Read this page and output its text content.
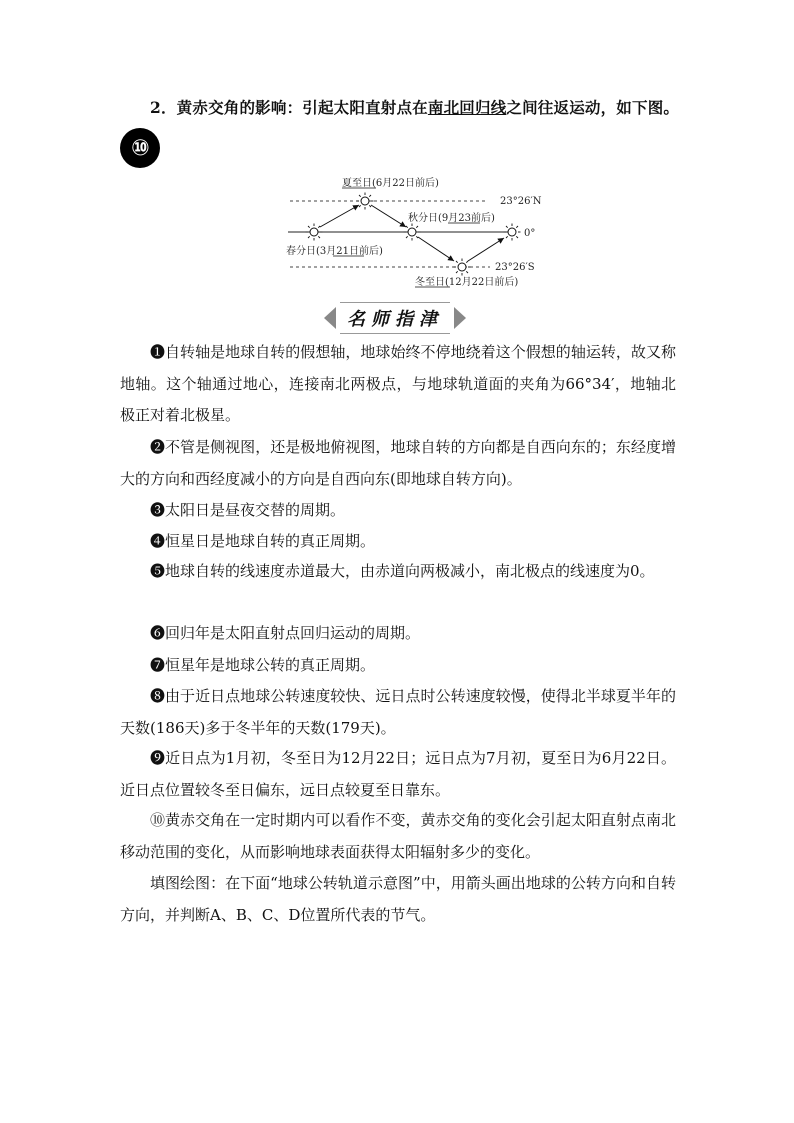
2．黄赤交角的影响：引起太阳直射点在南北回归线之间往返运动，如下图。
⑩
夏至日(6月22日前后)
秋分日(9月23前后)
春分日(3月21日前后)
冬至日(12月22日前后)
23°26′N
0°
23°26′S
名师指津
❶自转轴是地球自转的假想轴，地球始终不停地绕着这个假想的轴运转，故又称地轴。这个轴通过地心，连接南北两极点，与地球轨道面的夹角为66°34′，地轴北极正对着北极星。
❷不管是侧视图，还是极地俯视图，地球自转的方向都是自西向东的；东经度增大的方向和西经度减小的方向是自西向东(即地球自转方向)。
❸太阳日是昼夜交替的周期。
❹恒星日是地球自转的真正周期。
❺地球自转的线速度赤道最大，由赤道向两极减小，南北极点的线速度为0。
❻回归年是太阳直射点回归运动的周期。
❼恒星年是地球公转的真正周期。
❽由于近日点地球公转速度较快、远日点时公转速度较慢，使得北半球夏半年的天数(186天)多于冬半年的天数(179天)。
❾近日点为1月初，冬至日为12月22日；远日点为7月初，夏至日为6月22日。近日点位置较冬至日偏东，远日点较夏至日靠东。
⑩黄赤交角在一定时期内可以看作不变，黄赤交角的变化会引起太阳直射点南北移动范围的变化，从而影响地球表面获得太阳辐射多少的变化。
填图绘图：在下面“地球公转轨道示意图”中，用箭头画出地球的公转方向和自转方向，并判断A、B、C、D位置所代表的节气。
